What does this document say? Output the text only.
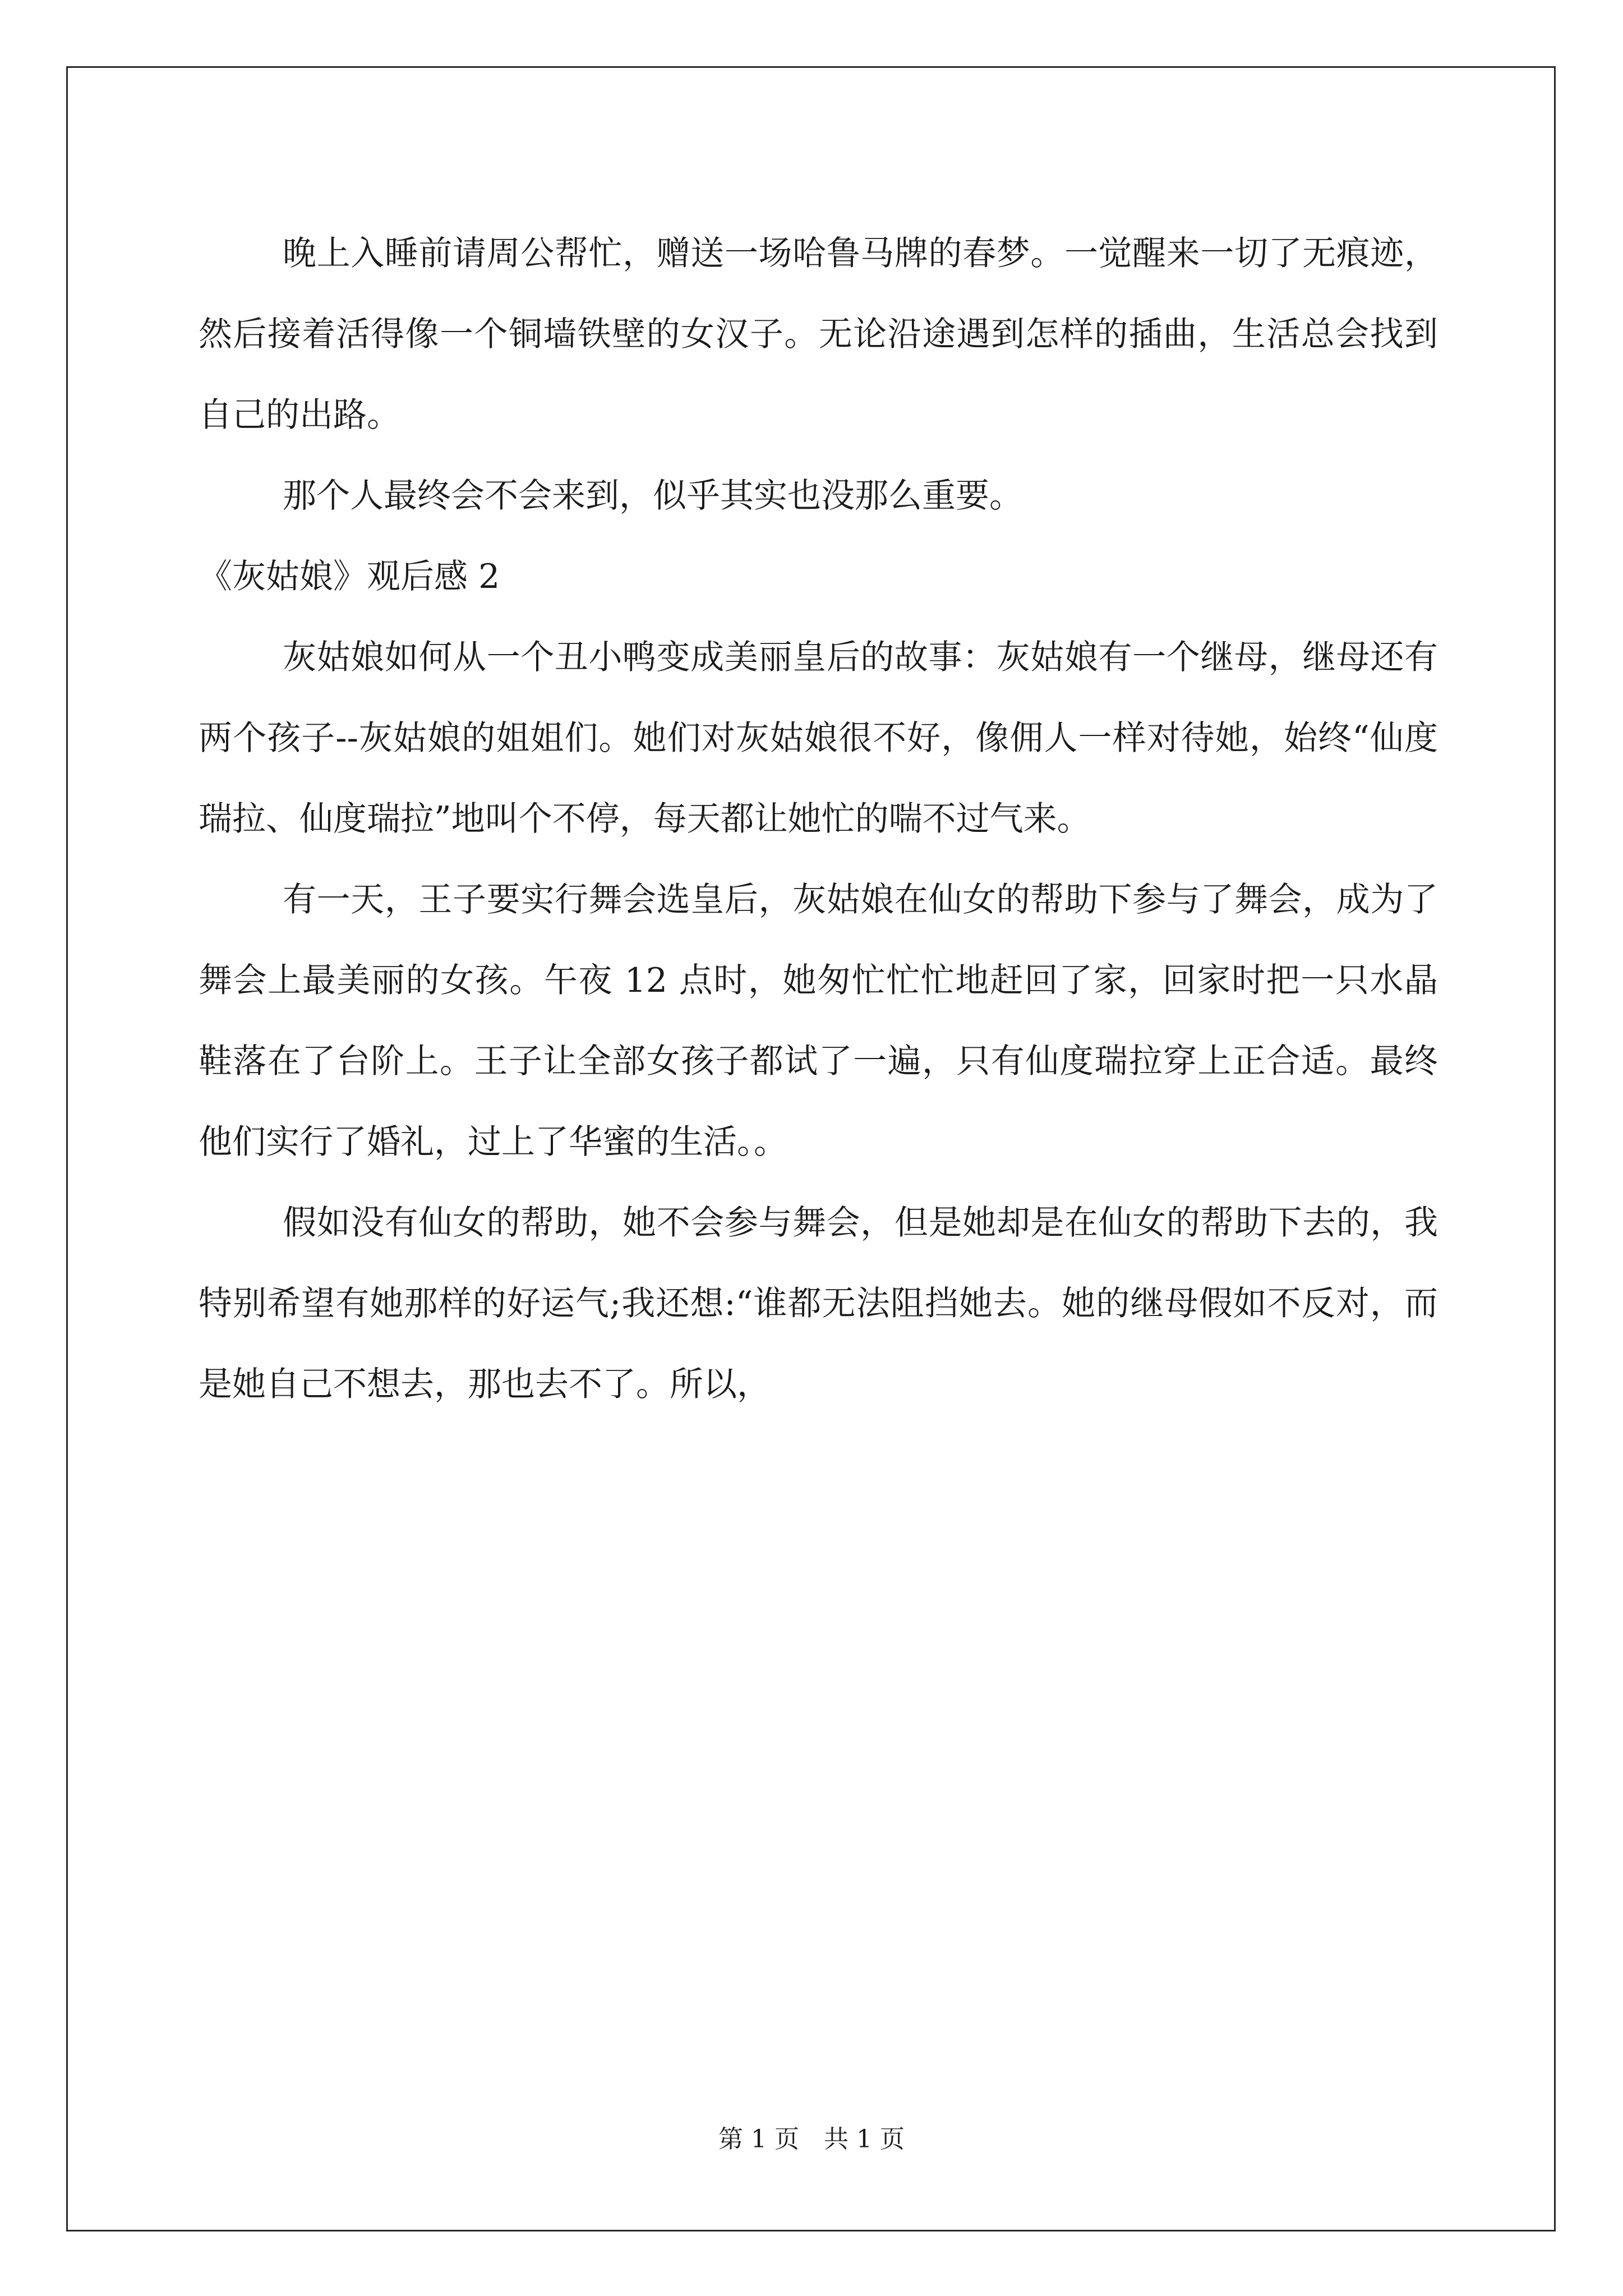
晚上入睡前请周公帮忙，赠送一场哈鲁马牌的春梦。一觉醒来一切了无痕迹，然后接着活得像一个铜墙铁壁的女汉子。无论沿途遇到怎样的插曲，生活总会找到自己的出路。

那个人最终会不会来到，似乎其实也没那么重要。

《灰姑娘》观后感 2

灰姑娘如何从一个丑小鸭变成美丽皇后的故事：灰姑娘有一个继母，继母还有两个孩子--灰姑娘的姐姐们。她们对灰姑娘很不好，像佣人一样对待她，始终“仙度瑞拉、仙度瑞拉”地叫个不停，每天都让她忙的喘不过气来。

有一天，王子要实行舞会选皇后，灰姑娘在仙女的帮助下参与了舞会，成为了舞会上最美丽的女孩。午夜 12 点时，她匆忙忙忙地赶回了家，回家时把一只水晶鞋落在了台阶上。王子让全部女孩子都试了一遍，只有仙度瑞拉穿上正合适。最终他们实行了婚礼，过上了华蜜的生活。。

假如没有仙女的帮助，她不会参与舞会，但是她却是在仙女的帮助下去的，我特别希望有她那样的好运气;我还想:“谁都无法阻挡她去。她的继母假如不反对，而是她自己不想去，那也去不了。所以，

第 1 页　共 1 页
